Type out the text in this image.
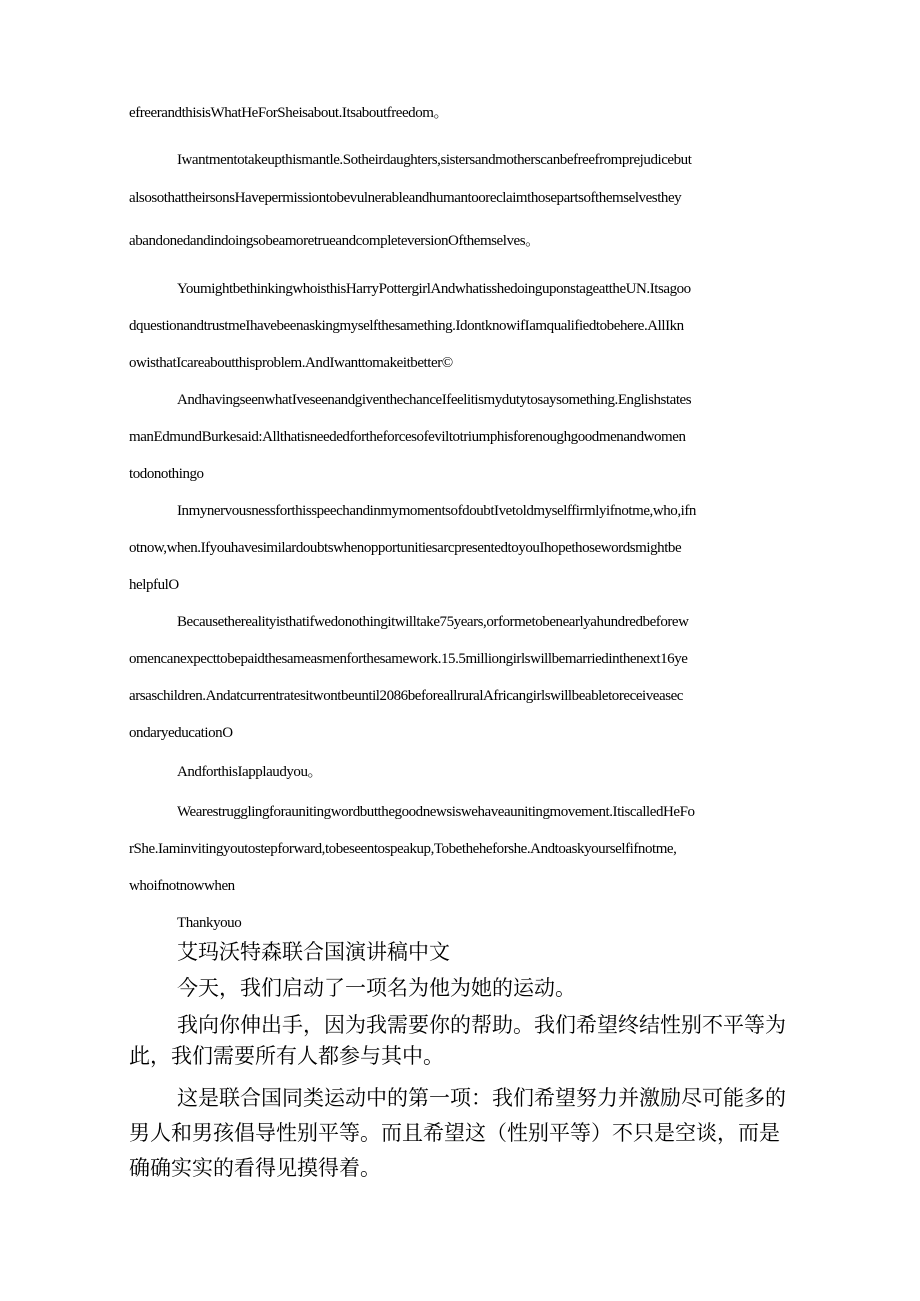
efreerandthisisWhatHeForSheisabout.Itsaboutfreedom。

Iwantmentotakeupthismantle.Sotheirdaughters,sistersandmotherscanbefreefromprejudicebut

alsosothattheirsonsHavepermissiontobevulnerableandhumantooreclaimthosepartsofthemselvesthey

abandonedandindoingsobeamoretrueandcompleteversionOfthemselves。

YoumightbethinkingwhoisthisHarryPottergirlAndwhatisshedoinguponstageattheUN.Itsagoo

dquestionandtrustmeIhavebeenaskingmyselfthesamething.IdontknowifIamqualifiedtobehere.AllIkn

owisthatIcareaboutthisproblem.AndIwanttomakeitbetter©

AndhavingseenwhatIveseenandgiventhechanceIfeelitismydutytosaysomething.Englishstates

manEdmundBurkesaid:Allthatisneededfortheforcesofeviltotriumphisforenoughgoodmenandwomen

todonothingo

InmynervousnessforthisspeechandinmymomentsofdoubtIvetoldmyselffirmlyifnotme,who,ifn

otnow,when.IfyouhavesimilardoubtswhenopportunitiesarcpresentedtoyouIhopethosewordsmightbe

helpfulO

Becausetherealityisthatifwedonothingitwilltake75years,orformetobenearlyahundredbeforew

omencanexpecttobepaidthesameasmenforthesamework.15.5milliongirlswillbemarriedinthenext16ye

arsaschildren.Andatcurrentratesitwontbeuntil2086beforeallruralAfricangirlswillbeabletoreceiveasec

ondaryeducationO

AndforthisIapplaudyou。

Wearestrugglingforaunitingwordbutthegoodnewsiswehaveaunitingmovement.ItiscalledHeFo

rShe.Iaminvitingyoutostepforward,tobeseentospeakup,Tobetheheforshe.Andtoaskyourselfifnotme,

whoifnotnowwhen

Thankyouo

艾玛沃特森联合国演讲稿中文

今天，我们启动了一项名为他为她的运动。

我向你伸出手，因为我需要你的帮助。我们希望终结性别不平等为

此，我们需要所有人都参与其中。

这是联合国同类运动中的第一项：我们希望努力并激励尽可能多的

男人和男孩倡导性别平等。而且希望这（性别平等）不只是空谈，而是

确确实实的看得见摸得着。
